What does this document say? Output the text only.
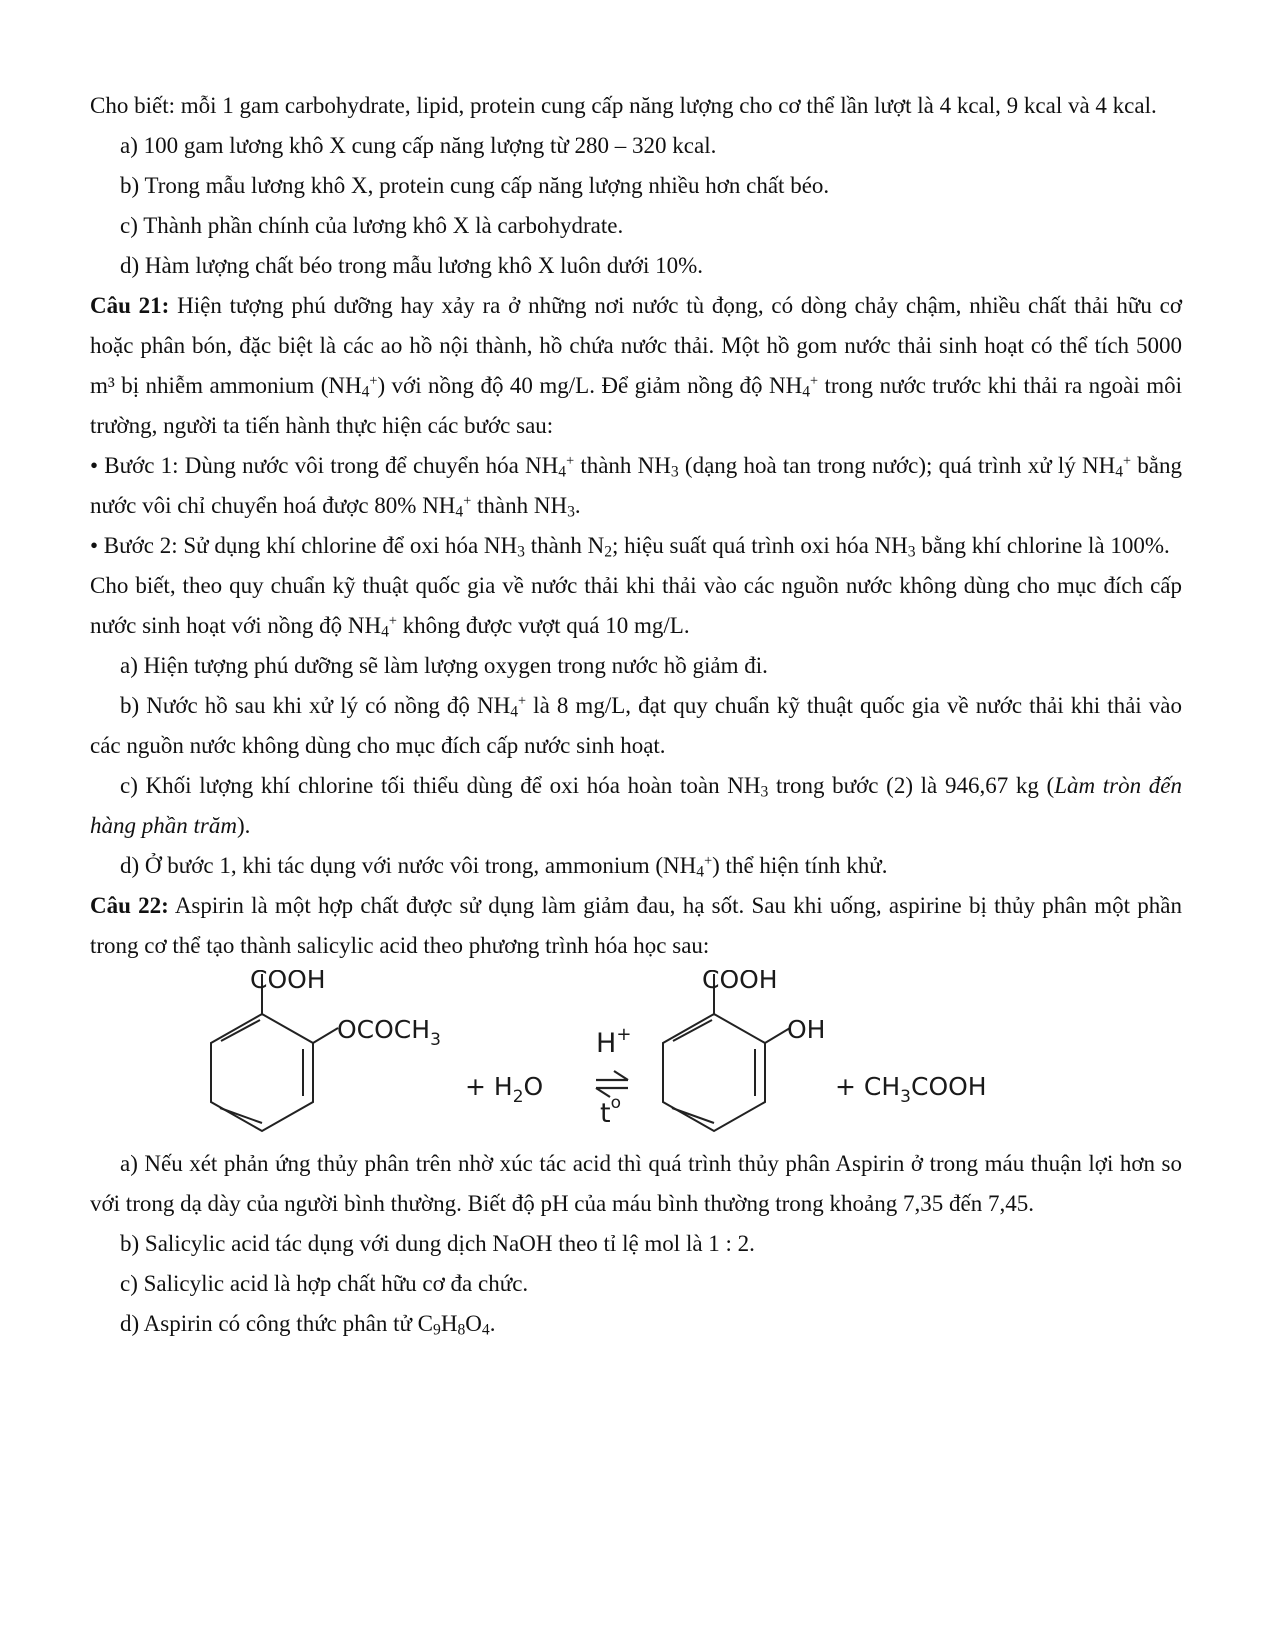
Cho biết: mỗi 1 gam carbohydrate, lipid, protein cung cấp năng lượng cho cơ thể lần lượt là 4 kcal, 9 kcal và 4 kcal.

a) 100 gam lương khô X cung cấp năng lượng từ 280 – 320 kcal.

b) Trong mẫu lương khô X, protein cung cấp năng lượng nhiều hơn chất béo.

c) Thành phần chính của lương khô X là carbohydrate.

d) Hàm lượng chất béo trong mẫu lương khô X luôn dưới 10%.

Câu 21: Hiện tượng phú dưỡng hay xảy ra ở những nơi nước tù đọng, có dòng chảy chậm, nhiều chất thải hữu cơ hoặc phân bón, đặc biệt là các ao hồ nội thành, hồ chứa nước thải. Một hồ gom nước thải sinh hoạt có thể tích 5000 m³ bị nhiễm ammonium $(NH_4^+)$ với nồng độ 40 mg/L. Để giảm nồng độ $NH_4^+$ trong nước trước khi thải ra ngoài môi trường, người ta tiến hành thực hiện các bước sau:

• Bước 1: Dùng nước vôi trong để chuyển hóa $NH_4^+$ thành $NH_3$ (dạng hoà tan trong nước); quá trình xử lý $NH_4^+$ bằng nước vôi chỉ chuyển hoá được 80% $NH_4^+$ thành $NH_3$.

• Bước 2: Sử dụng khí chlorine để oxi hóa $NH_3$ thành $N_2$; hiệu suất quá trình oxi hóa $NH_3$ bằng khí chlorine là 100%.

Cho biết, theo quy chuẩn kỹ thuật quốc gia về nước thải khi thải vào các nguồn nước không dùng cho mục đích cấp nước sinh hoạt với nồng độ $NH_4^+$ không được vượt quá 10 mg/L.

a) Hiện tượng phú dưỡng sẽ làm lượng oxygen trong nước hồ giảm đi.

b) Nước hồ sau khi xử lý có nồng độ $NH_4^+$ là 8 mg/L, đạt quy chuẩn kỹ thuật quốc gia về nước thải khi thải vào các nguồn nước không dùng cho mục đích cấp nước sinh hoạt.

c) Khối lượng khí chlorine tối thiểu dùng để oxi hóa hoàn toàn $NH_3$ trong bước (2) là 946,67 kg (Làm tròn đến hàng phần trăm).

d) Ở bước 1, khi tác dụng với nước vôi trong, ammonium $(NH_4^+)$ thể hiện tính khử.

Câu 22: Aspirin là một hợp chất được sử dụng làm giảm đau, hạ sốt. Sau khi uống, aspirine bị thủy phân một phần trong cơ thể tạo thành salicylic acid theo phương trình hóa học sau:

COOH
$OCOCH_3$
+ $H_2O$
H+
$t^o$
COOH
OH
+ $CH_3COOH$

a) Nếu xét phản ứng thủy phân trên nhờ xúc tác acid thì quá trình thủy phân Aspirin ở trong máu thuận lợi hơn so với trong dạ dày của người bình thường. Biết độ pH của máu bình thường trong khoảng 7,35 đến 7,45.

b) Salicylic acid tác dụng với dung dịch NaOH theo tỉ lệ mol là 1 : 2.

c) Salicylic acid là hợp chất hữu cơ đa chức.

d) Aspirin có công thức phân tử $C_9H_8O_4$.
